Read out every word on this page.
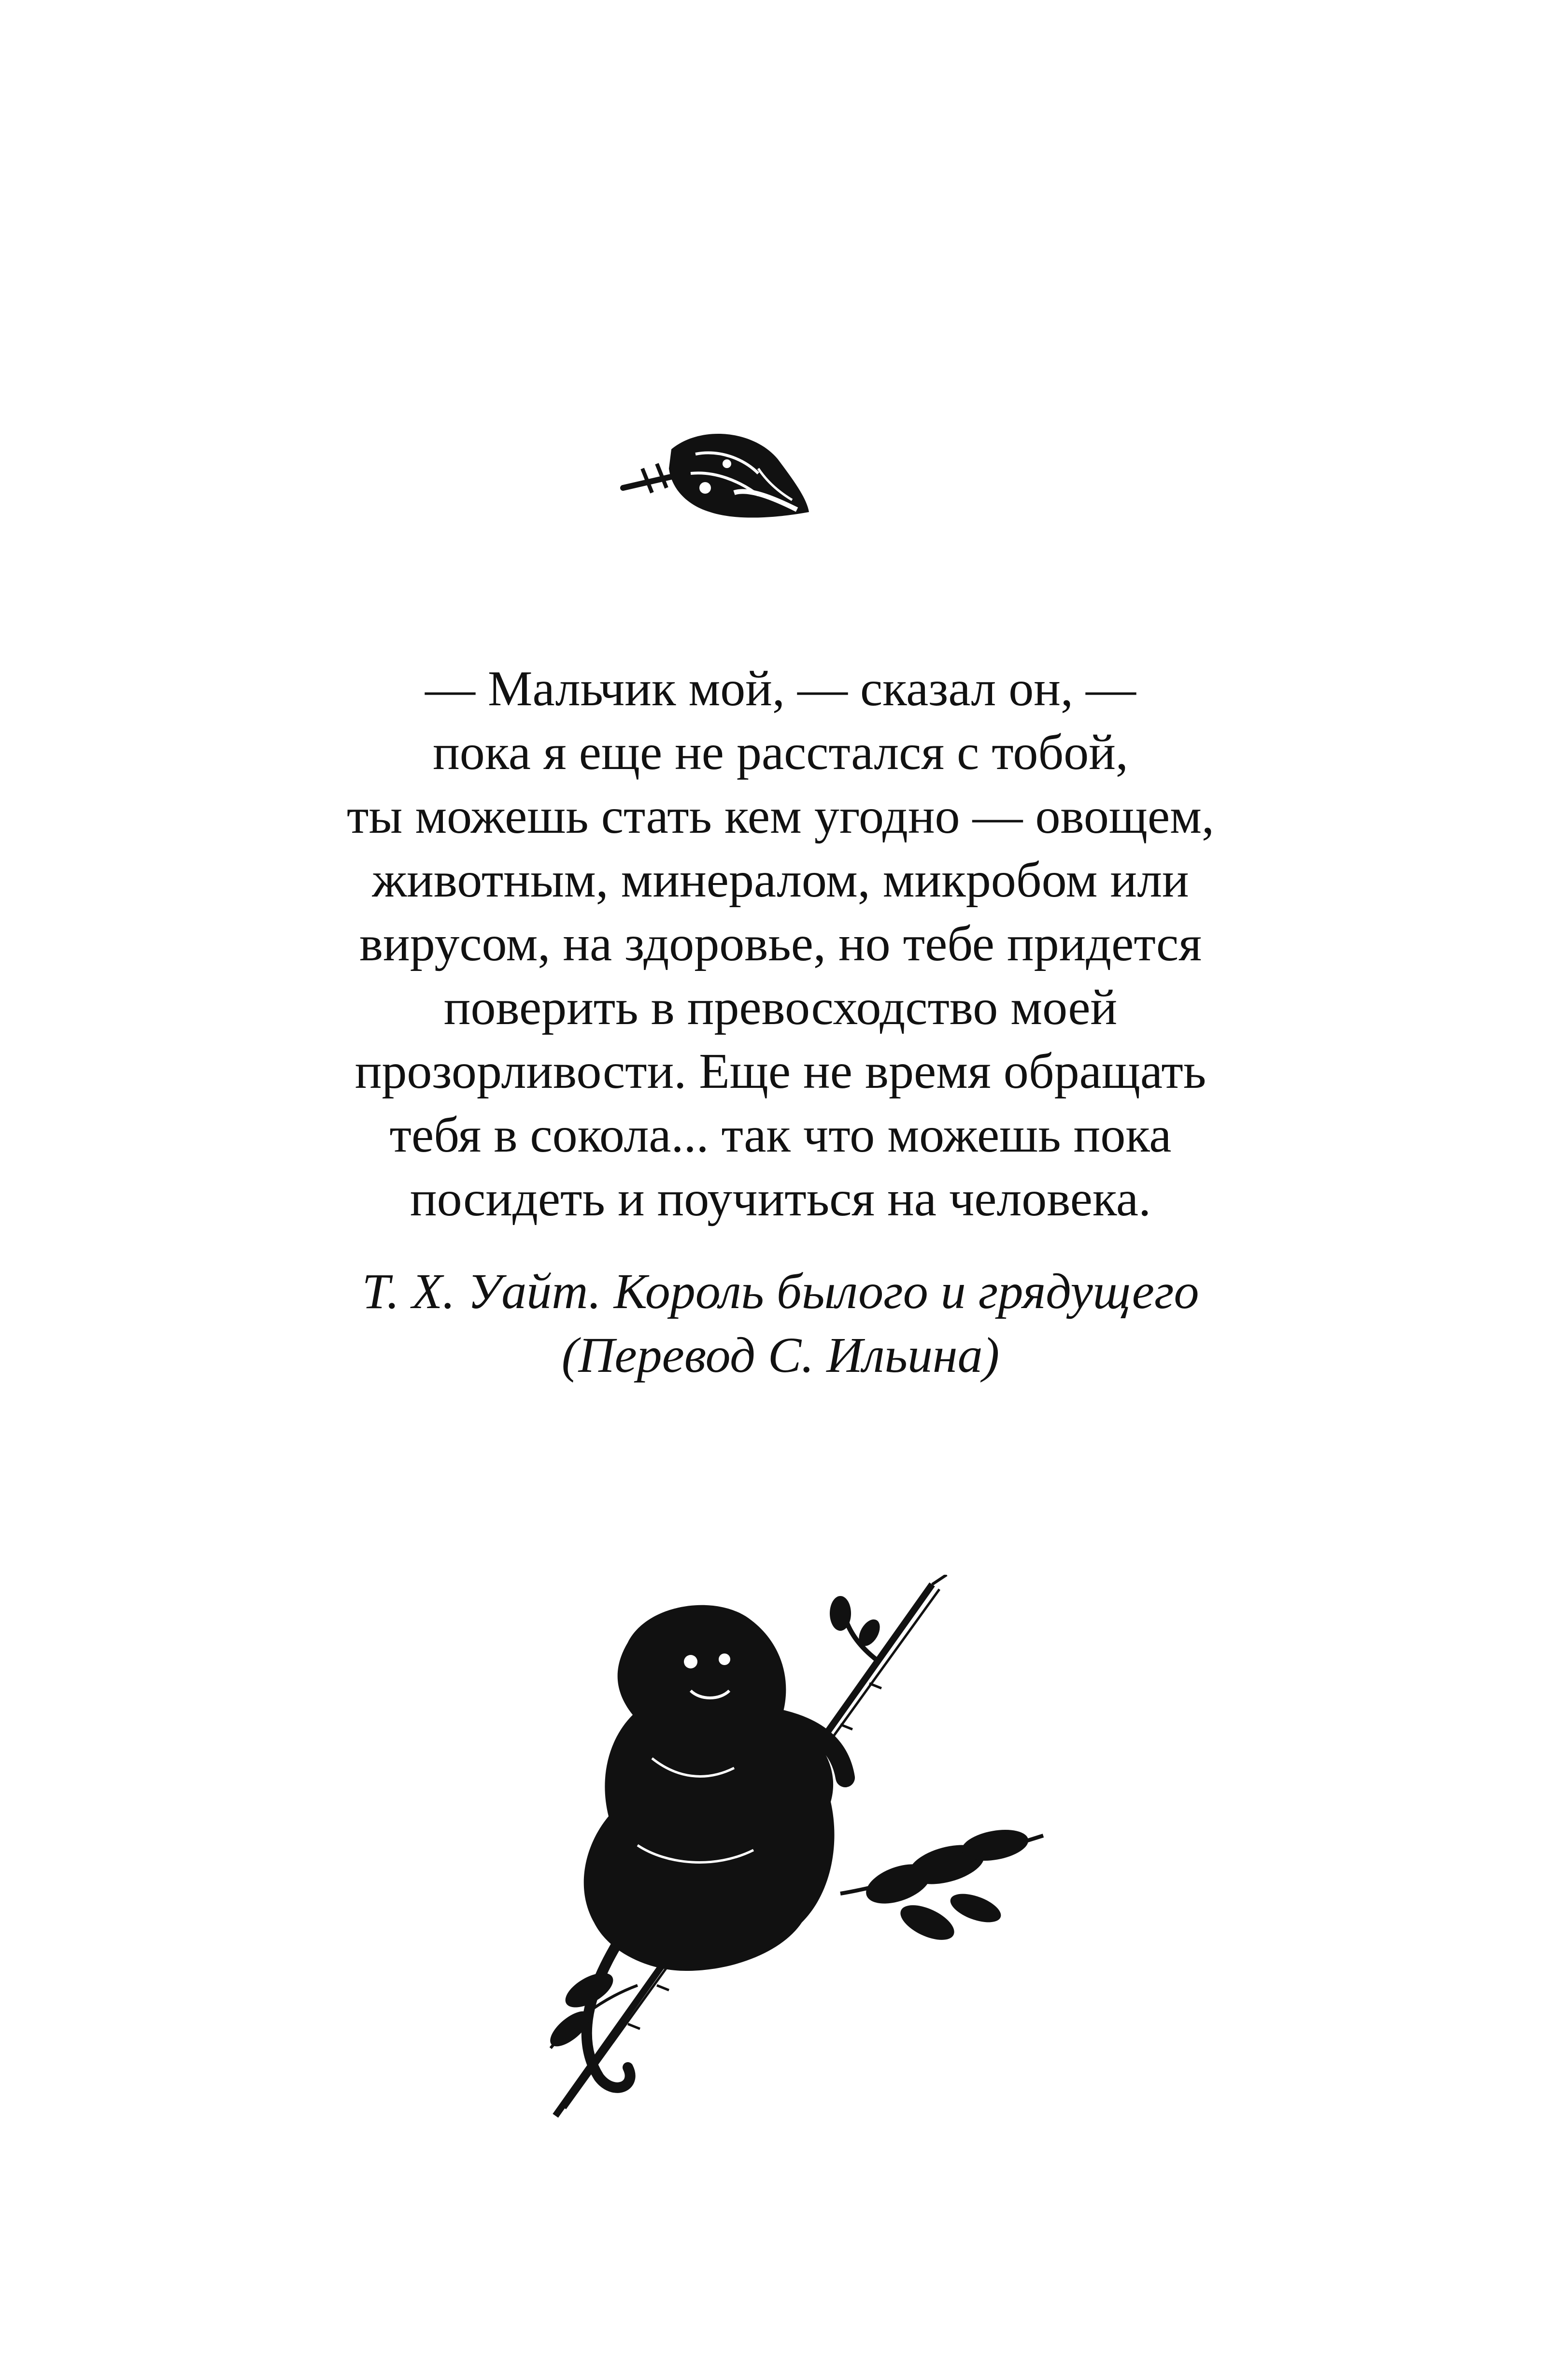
— Мальчик мой, — сказал он, —

пока я еще не расстался с тобой,

ты можешь стать кем угодно — овощем,

животным, минералом, микробом или

вирусом, на здоровье, но тебе придется

поверить в превосходство моей

прозорливости. Еще не время обращать

тебя в сокола... так что можешь пока

посидеть и поучиться на человека.

Т. Х. Уайт. Король былого и грядущего

(Перевод С. Ильина)
